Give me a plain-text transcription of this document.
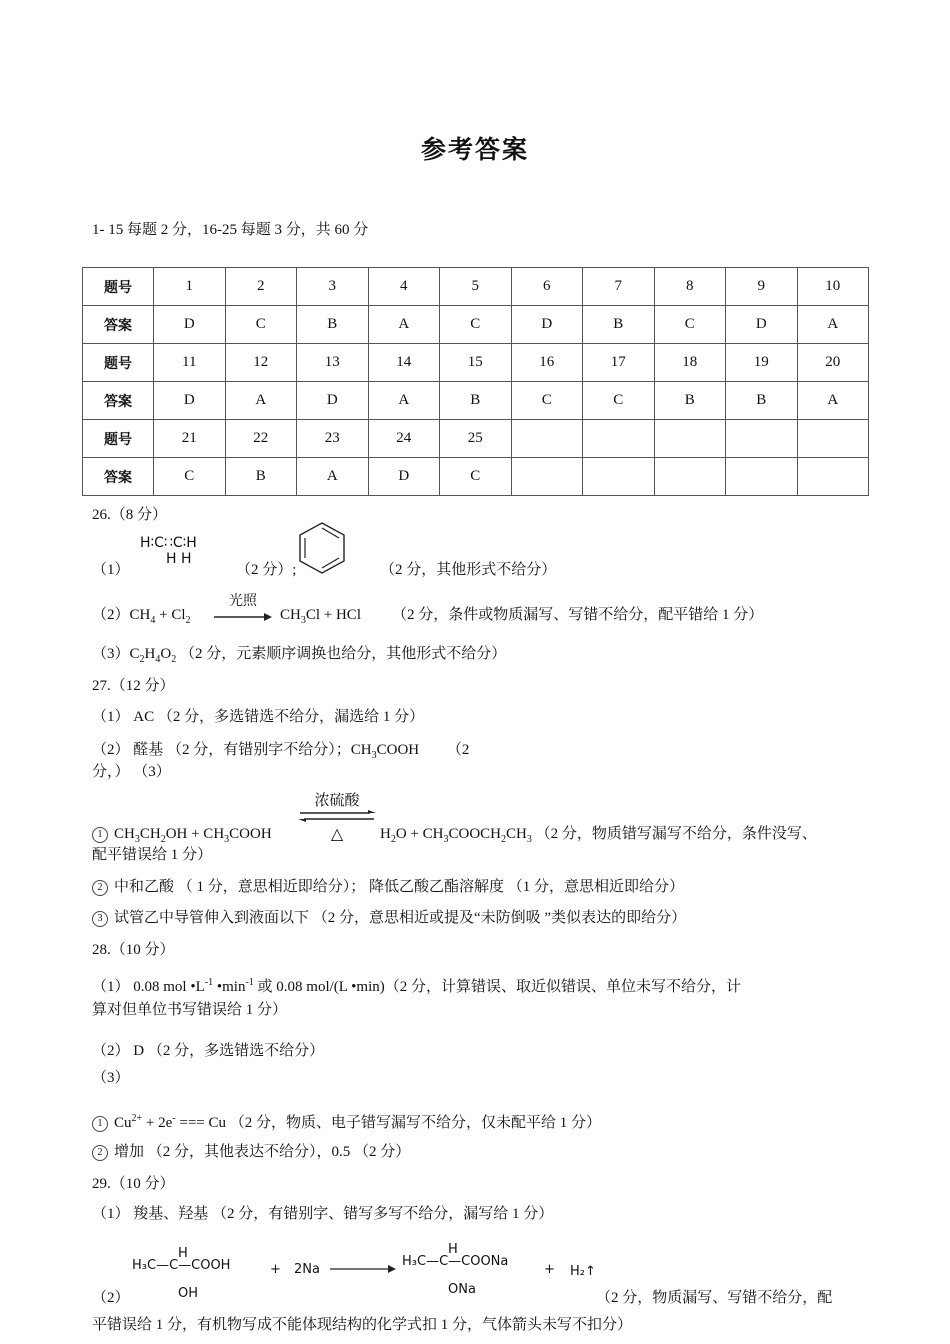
参考答案
1- 15 每题 2 分，16-25 每题 3 分，共 60 分
题号	1	2	3	4	5	6	7	8	9	10
答案	D	C	B	A	C	D	B	C	D	A
题号	11	12	13	14	15	16	17	18	19	20
答案	D	A	D	A	B	C	C	B	B	A
题号	21	22	23	24	25					
答案	C	B	A	D	C					
26.（8 分）
H∶C∷C∶H
H H
（1）	（2 分）;	（2 分，其他形式不给分）
$(2)CH_4 + Cl_2$
光照
$CH_3Cl$ + HCl （2 分，条件或物质漏写、写错不给分，配平错给 1 分）
$(3)C_2H_4O_2$ （2 分，元素顺序调换也给分，其他形式不给分）
27.（12 分）
（1） AC （2 分，多选错选不给分，漏选给 1 分）
（2） 醛基 （2 分，有错别字不给分）；$CH_3COOH$ （2
分，） （3）
浓硫酸
△
1 $CH_3CH_2OH$ + $CH_3COOH$	$H_2O$ + $CH_3COOCH_2CH_3$ （2 分，物质错写漏写不给分，条件没写、
配平错误给 1 分）
2 中和乙酸 （ 1 分，意思相近即给分）； 降低乙酸乙酯溶解度 （1 分，意思相近即给分）
3 试管乙中导管伸入到液面以下 （2 分，意思相近或提及“未防倒吸 ”类似表达的即给分）
28.（10 分）
（1） 0.08 mol $•L^{-1}$ $•\min^{-1}$ 或 0.08 mol/(L •min)（2 分，计算错误、取近似错误、单位未写不给分，计
算对但单位书写错误给 1 分）
（2） D （2 分，多选错选不给分）
（3）
1 $Cu^{2+} + 2e^-$ === Cu （2 分，物质、电子错写漏写不给分，仅未配平给 1 分）
2 增加 （2 分，其他表达不给分），0.5 （2 分）
29.（10 分）
（1） 羧基、羟基 （2 分，有错别字、错写多写不给分，漏写给 1 分）
H
H₃C—C—COOH
OH
+ 2Na
H
H₃C—C—COONa
ONa
+ H₂↑
（2）	（2 分，物质漏写、写错不给分，配
平错误给 1 分，有机物写成不能体现结构的化学式扣 1 分，气体箭头未写不扣分）
